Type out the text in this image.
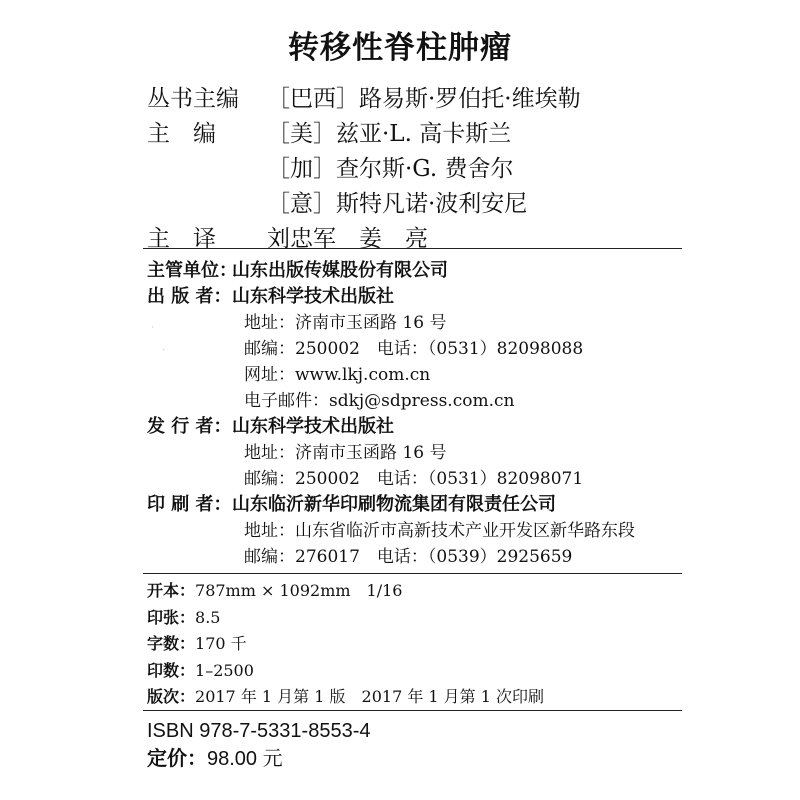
转移性脊柱肿瘤
丛书主编 ［巴西］路易斯·罗伯托·维埃勒
主　编 ［美］兹亚·L. 高卡斯兰
［加］查尔斯·G. 费舍尔
［意］斯特凡诺·波利安尼
主　译 刘忠军　姜　亮
主管单位：
山东出版传媒股份有限公司
出 版 者： 山东科学技术出版社
地址：济南市玉函路 16 号
邮编：250002　电话：（0531）82098088
网址：www.lkj.com.cn
电子邮件：sdkj@sdpress.com.cn
发 行 者： 山东科学技术出版社
地址：济南市玉函路 16 号
邮编：250002　电话：（0531）82098071
印 刷 者： 山东临沂新华印刷物流集团有限责任公司
地址：山东省临沂市高新技术产业开发区新华路东段
邮编：276017　电话：（0539）2925659
开本：787mm × 1092mm　1/16
印张：8.5
字数：170 千
印数：1–2500
版次：2017 年 1 月第 1 版　2017 年 1 月第 1 次印刷
ISBN 978-7-5331-8553-4
定价：98.00 元
˙
ˏ
